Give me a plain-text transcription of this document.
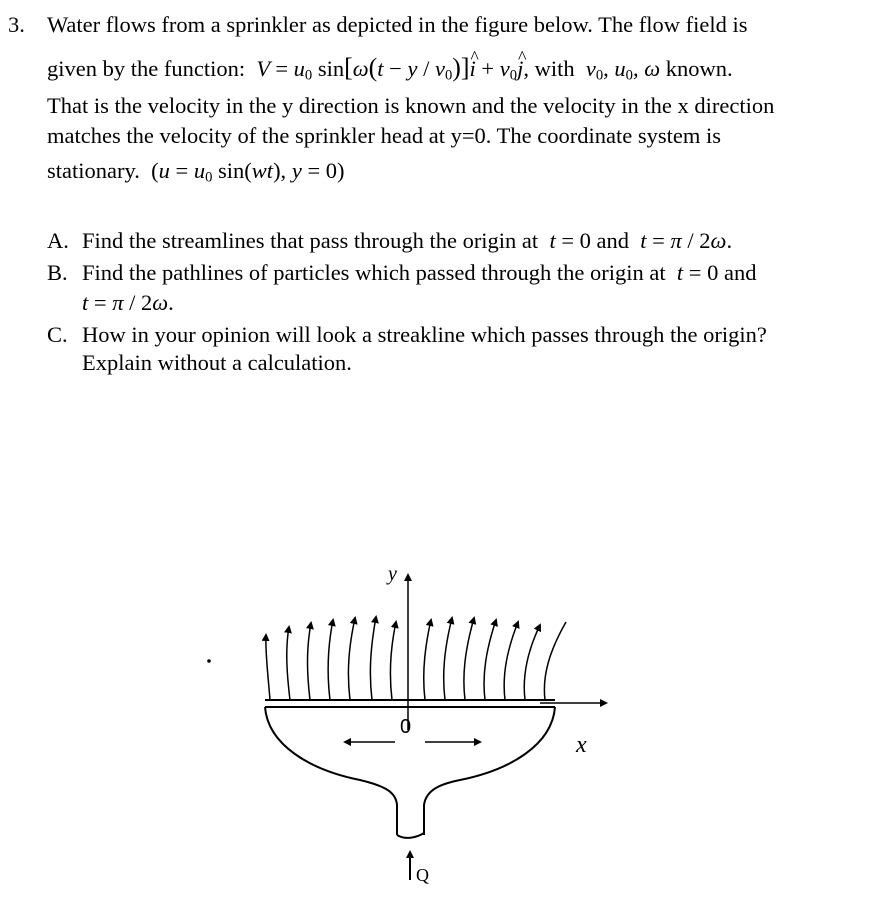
3. Water flows from a sprinkler as depicted in the figure below. The flow field is
given by the function:  $V = u_0$ $\sin[\omega(t - y / v_0)]i$ ^ + $v_0j$ ^, with  $v_0$, $u_0$, ω known.
That is the velocity in the y direction is known and the velocity in the x direction
matches the velocity of the sprinkler head at y=0. The coordinate system is
stationary. ($u = u_0$ sin(wt), y = 0)
A. Find the streamlines that pass through the origin at  t = 0 and  t = π / 2ω.
B. Find the pathlines of particles which passed through the origin at  t = 0 and
t = π / 2ω.
C. How in your opinion will look a streakline which passes through the origin?
Explain without a calculation.
y
x
0
Q
